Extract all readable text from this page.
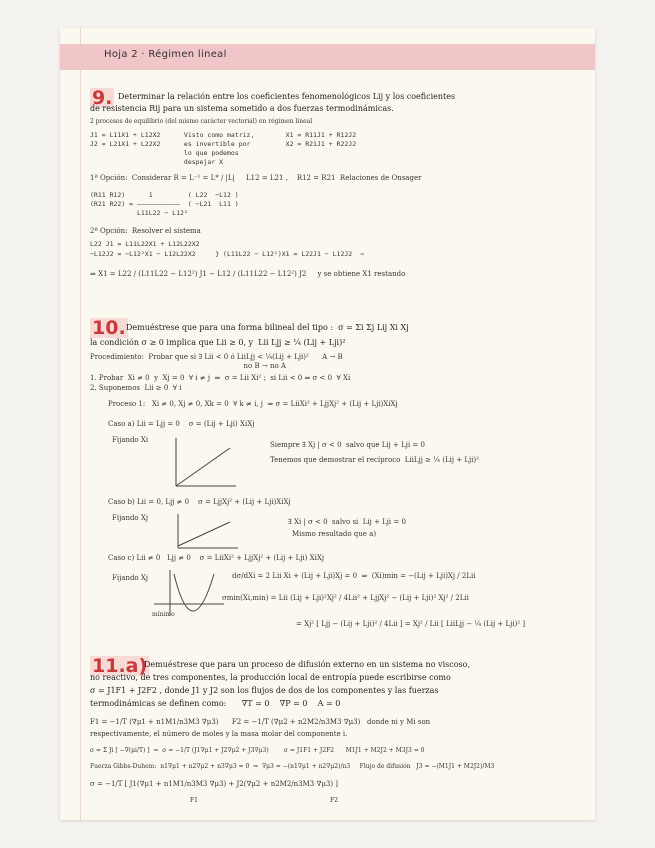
Hoja 2 · Régimen lineal
9. Determinar la relación entre los coeficientes fenomenológicos Lij y los coeficientes
de resistencia Rij para un sistema sometido a dos fuerzas termodinámicas.
2 procesos de equilibrio (del mismo carácter vectorial) en régimen lineal
J1 = L11X1 + L12X2      Visto como matriz,        X1 = R11J1 + R12J2
J2 = L21X1 + L22X2      es invertible por         X2 = R21J1 + R22J2
lo que podemos
despejar X
1ª Opción:  Considerar R = L⁻¹ = L* / |L|     L12 = L21 ,    R12 = R21  Relaciones de Onsager
(R11 R12)      1         ( L22  −L12 )
(R21 R22) = ———————————  ( −L21  L11 )
L11L22 − L12²
2ª Opción:  Resolver el sistema
L22 J1 = L11L22X1 + L12L22X2
−L12J2 = −L12²X1 − L12L22X2     } (L11L22 − L12²)X1 = L22J1 − L12J2  ⇒
⇒ X1 = L22 / (L11L22 − L12²) J1 − L12 / (L11L22 − L12²) J2     y se obtiene X1 restando
10. Demuéstrese que para una forma bilineal del tipo :  σ = Σi Σj Lij Xi Xj
la condición σ ≥ 0 implica que Lii ≥ 0, y  Lii Ljj ≥ ¼ (Lij + Lji)²
Procedimiento:  Probar que si ∃ Lii < 0 ó LiiLjj < ¼(Lij + Lji)²      A → B
no B → no A
1. Probar  Xi ≠ 0  y  Xj = 0  ∀ i ≠ j  ⇒  σ = Lii Xi² ;  si Lii < 0 ⇒ σ < 0  ∀ Xi
2. Suponemos  Lii ≥ 0  ∀ i
Proceso 1:   Xi ≠ 0, Xj ≠ 0, Xk = 0  ∀ k ≠ i, j  ⇒ σ = LiiXi² + LjjXj² + (Lij + Lji)XiXj
Caso a) Lii = Ljj = 0    σ = (Lij + Lji) XiXj
Fijando Xi
Siempre ∃ Xj | σ < 0  salvo que Lij + Lji = 0
Tenemos que demostrar el recíproco  LiiLjj ≥ ¼ (Lij + Lji)²
Caso b) Lii = 0, Ljj ≠ 0    σ = LjjXj² + (Lij + Lji)XiXj
Fijando Xj	∃ Xi | σ < 0  salvo si  Lij + Lji = 0
Mismo resultado que a)
Caso c) Lii ≠ 0   Ljj ≠ 0    σ = LiiXi² + LjjXj² + (Lij + Lji) XiXj
Fijando Xj	dσ/dXi = 2 Lii Xi + (Lij + Lji)Xj = 0  ⇒  (Xi)min = −(Lij + Lji)Xj / 2Lii
σmin(Xi,min) = Lii (Lij + Lji)²Xj² / 4Lii² + LjjXj² − (Lij + Lji)² Xj² / 2Lii
= Xj² [ Ljj − (Lij + Lji)² / 4Lii ] = Xj² / Lii [ LiiLjj − ¼ (Lij + Lji)² ]
mínimo
11.a)
Demuéstrese que para un proceso de difusión externo en un sistema no viscoso,
no reactivo, de tres componentes, la producción local de entropía puede escribirse como
σ = J1F1 + J2F2 , donde J1 y J2 son los flujos de dos de los componentes y las fuerzas
termodinámicas se definen como:      ∇T = 0    ∇P = 0    A = 0
F1 = −1/T (∇μ1 + n1M1/n3M3 ∇μ3)      F2 = −1/T (∇μ2 + n2M2/n3M3 ∇μ3)   donde ni y Mi son
respectivamente, el número de moles y la masa molar del componente i.
σ = Σ Ji [ −∇(μi/T) ]  ⇒  σ = −1/T (J1∇μ1 + J2∇μ2 + J3∇μ3)        σ = J1F1 + J2F2      M1J1 + M2J2 + M3J3 = 0
Fuerza Gibbs-Duhem:  n1∇μ1 + n2∇μ2 + n3∇μ3 = 0  ⇒  ∇μ3 = −(n1∇μ1 + n2∇μ2)/n3     Flujo de difusión   J3 = −(M1J1 + M2J2)/M3
σ = −1/T [ J1(∇μ1 + n1M1/n3M3 ∇μ3) + J2(∇μ2 + n2M2/n3M3 ∇μ3) ]
F1	F2
